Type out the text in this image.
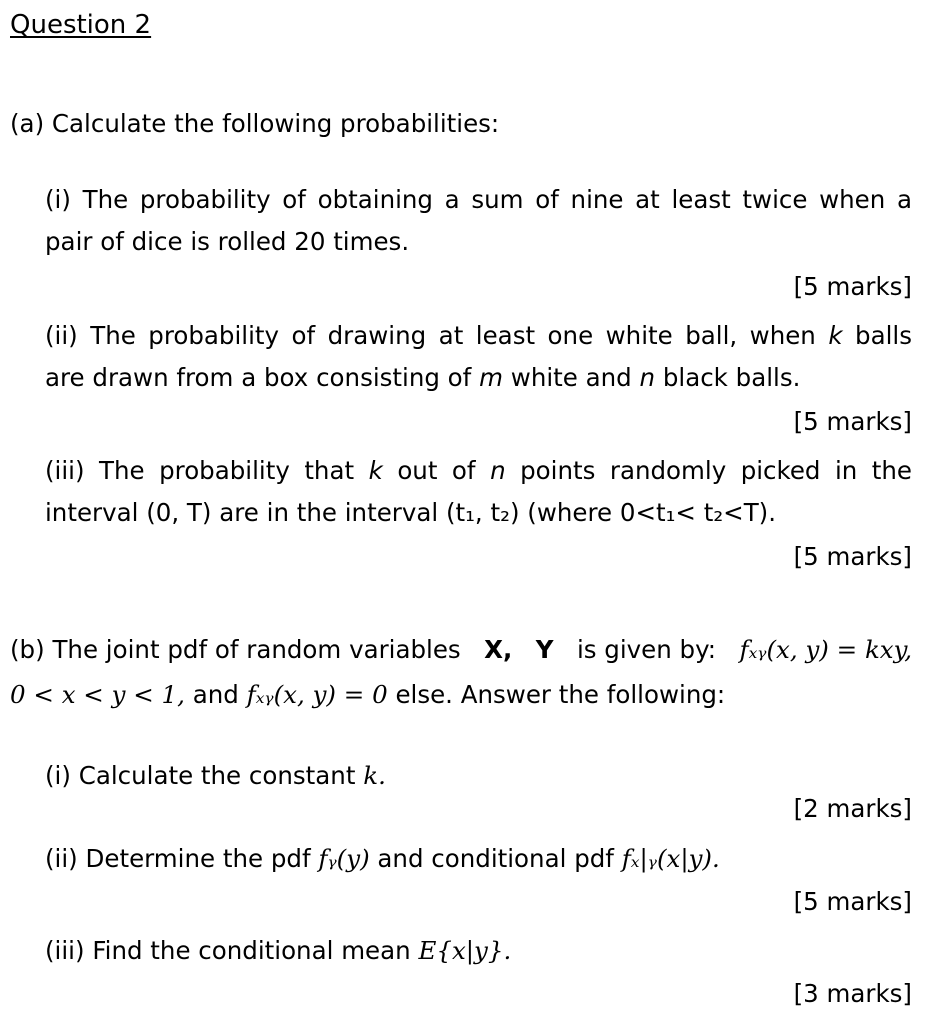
Question 2
(a) Calculate the following probabilities:
(i) The probability of obtaining a sum of nine at least twice when a
pair of dice is rolled 20 times.
[5 marks]
(ii) The probability of drawing at least one white ball, when k balls
are drawn from a box consisting of m white and n black balls.
[5 marks]
(iii) The probability that k out of n points randomly picked in the
interval (0, T) are in the interval (t₁, t₂) (where 0<t₁< t₂<T).
[5 marks]
(b) The joint pdf of random variables X, Y is given by: fₓᵧ(x, y) = kxy,
0 < x < y < 1, and fₓᵧ(x, y) = 0 else. Answer the following:
(i) Calculate the constant k.
[2 marks]
(ii) Determine the pdf fᵧ(y) and conditional pdf fₓ|ᵧ(x|y).
[5 marks]
(iii) Find the conditional mean E{x|y}.
[3 marks]
